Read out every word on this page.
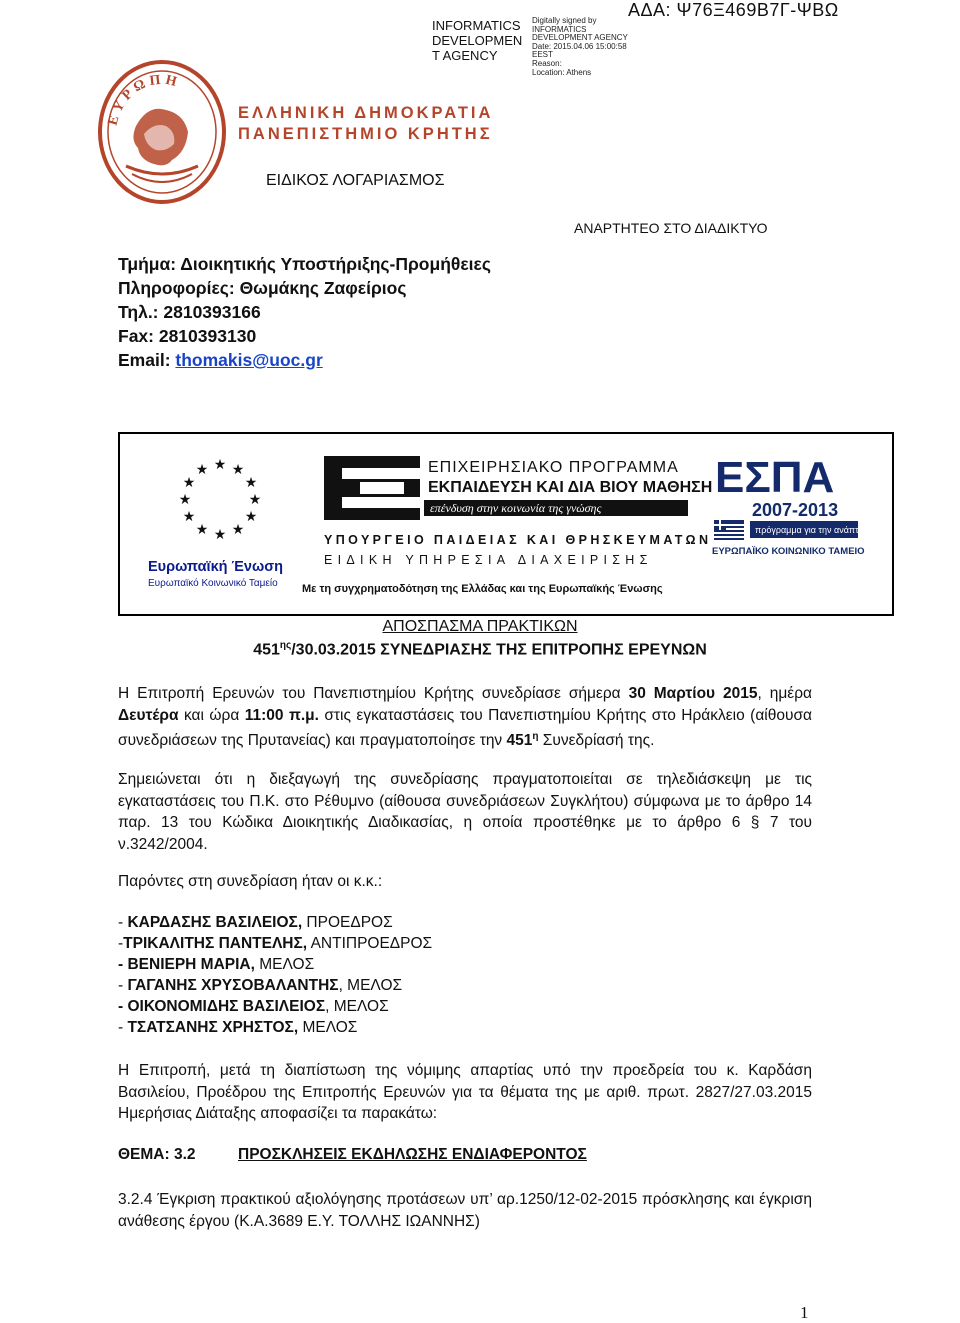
INFORMATICS
DEVELOPMEN
T AGENCY
Digitally signed by
INFORMATICS
DEVELOPMENT AGENCY
Date: 2015.04.06 15:00:58
EEST
Reason:
Location: Athens
ΑΔΑ: Ψ76Ξ469Β7Γ-ΨΒΩ
ΕΥΡΩΠΗ
ΕΛΛΗΝΙΚΗ ΔΗΜΟΚΡΑΤΙΑ
ΠΑΝΕΠΙΣΤΗΜΙΟ ΚΡΗΤΗΣ
ΕΙΔΙΚΟΣ ΛΟΓΑΡΙΑΣΜΟΣ
ΑΝΑΡΤΗΤΕΟ ΣΤΟ ΔΙΑΔΙΚΤΥΟ
Τμήμα: Διοικητικής Υποστήριξης-Προμήθειες
Πληροφορίες: Θωμάκης Ζαφείριος
Τηλ.: 2810393166
Fax: 2810393130
Email: thomakis@uoc.gr
★ ★
★
★
★
★
★
★
★
★
★
★
Ευρωπαϊκή Ένωση
Ευρωπαϊκό Κοινωνικό Ταμείο
ΕΠΙΧΕΙΡΗΣΙΑΚΟ ΠΡΟΓΡΑΜΜΑ
ΕΚΠΑΙΔΕΥΣΗ ΚΑΙ ΔΙΑ ΒΙΟΥ ΜΑΘΗΣΗ
επένδυση στην κοινωνία της γνώσης
ΥΠΟΥΡΓΕΙΟ ΠΑΙΔΕΙΑΣ ΚΑΙ ΘΡΗΣΚΕΥΜΑΤΩΝ
ΕΙΔΙΚΗ ΥΠΗΡΕΣΙΑ ΔΙΑΧΕΙΡΙΣΗΣ
Με τη συγχρηματοδότηση της Ελλάδας και της Ευρωπαϊκής Ένωσης
ΕΣΠΑ
2007-2013
πρόγραμμα για την ανάπτυξη
ΕΥΡΩΠΑΪΚΟ ΚΟΙΝΩΝΙΚΟ ΤΑΜΕΙΟ
ΑΠΟΣΠΑΣΜΑ ΠΡΑΚΤΙΚΩΝ
$451^{\eta\varsigma}/30.03.2015$ ΣΥΝΕΔΡΙΑΣΗΣ ΤΗΣ ΕΠΙΤΡΟΠΗΣ ΕΡΕΥΝΩΝ
Η Επιτροπή Ερευνών του Πανεπιστημίου Κρήτης συνεδρίασε σήμερα 30 Μαρτίου 2015, ημέρα Δευτέρα και ώρα 11:00 π.μ. στις εγκαταστάσεις του Πανεπιστημίου Κρήτης στο Ηράκλειο (αίθουσα συνεδριάσεων της Πρυτανείας) και πραγματοποίησε την $451^\eta$ Συνεδρίασή της.
Σημειώνεται ότι η διεξαγωγή της συνεδρίασης πραγματοποιείται σε τηλεδιάσκεψη με τις εγκαταστάσεις του Π.Κ. στο Ρέθυμνο (αίθουσα συνεδριάσεων Συγκλήτου) σύμφωνα με το άρθρο 14 παρ. 13 του Κώδικα Διοικητικής Διαδικασίας, η οποία προστέθηκε με το άρθρο 6 § 7 του ν.3242/2004.
Παρόντες στη συνεδρίαση ήταν οι κ.κ.:
- ΚΑΡΔΑΣΗΣ ΒΑΣΙΛΕΙΟΣ, ΠΡΟΕΔΡΟΣ
-ΤΡΙΚΑΛΙΤΗΣ ΠΑΝΤΕΛΗΣ, ΑΝΤΙΠΡΟΕΔΡΟΣ
- ΒΕΝΙΕΡΗ ΜΑΡΙΑ, ΜΕΛΟΣ
- ΓΑΓΑΝΗΣ ΧΡΥΣΟΒΑΛΑΝΤΗΣ, ΜΕΛΟΣ
- ΟΙΚΟΝΟΜΙΔΗΣ ΒΑΣΙΛΕΙΟΣ, ΜΕΛΟΣ
- ΤΣΑΤΣΑΝΗΣ ΧΡΗΣΤΟΣ, ΜΕΛΟΣ
Η Επιτροπή, μετά τη διαπίστωση της νόμιμης απαρτίας υπό την προεδρεία του κ. Καρδάση Βασιλείου, Προέδρου της Επιτροπής Ερευνών για τα θέματα της με αριθ. πρωτ. 2827/27.03.2015 Ημερήσιας Διάταξης αποφασίζει τα παρακάτω:
ΘΕΜΑ: 3.2	ΠΡΟΣΚΛΗΣΕΙΣ ΕΚΔΗΛΩΣΗΣ ΕΝΔΙΑΦΕΡΟΝΤΟΣ
3.2.4 Έγκριση πρακτικού αξιολόγησης προτάσεων υπ’ αρ.1250/12-02-2015 πρόσκλησης και έγκριση ανάθεσης έργου (Κ.Α.3689 Ε.Υ. ΤΟΛΛΗΣ ΙΩΑΝΝΗΣ)
1
